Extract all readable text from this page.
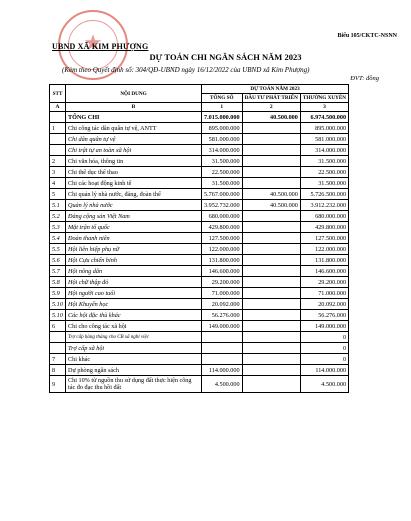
★
Biểu 105/CKTC-NSNN
UBND XÃ KIM PHƯỢNG
DỰ TOÁN CHI NGÂN SÁCH NĂM 2023
(Kèm theo Quyết định số: 304/QĐ-UBND ngày 16/12/2022 của UBND xã Kim Phượng)
ĐVT: đồng
STT	NỘI DUNG	DỰ TOÁN NĂM 2023		
		TỔNG SỐ	ĐẦU TƯ PHÁT TRIỂN	THƯỜNG XUYÊN
A	B	1	2	3
	TỔNG CHI	7.015.000.000	40.500.000	6.974.500.000
1	Chi công tác dân quân tự vệ, ANTT	895.000.000		895.000.000
	Chi dân quân tự vệ	581.000.000		581.000.000
	Chi trật tự an toàn xã hội	314.000.000		314.000.000
2	Chi văn hóa, thông tin	31.500.000		31.500.000
3	Chi thể dục thể thao	22.500.000		22.500.000
4	Chi các hoạt động kinh tế	31.500.000		31.500.000
5	Chi quản lý nhà nước, đảng, đoàn thể	5.767.000.000	40.500.000	5.726.500.000
5.1	Quản lý nhà nước	3.952.732.000	40.500.000	3.912.232.000
5.2	Đảng cộng sản Việt Nam	680.000.000		680.000.000
5.3	Mặt trận tổ quốc	429.800.000		429.800.000
5.4	Đoàn thanh niên	127.500.000		127.500.000
5.5	Hội liên hiệp phụ nữ	122.000.000		122.000.000
5.6	Hội Cựu chiến binh	131.800.000		131.800.000
5.7	Hội nông dân	146.600.000		146.600.000
5.8	Hội chữ thập đỏ	29.200.000		29.200.000
5.9	Hội người cao tuổi	71.000.000		71.000.000
5.10	Hội Khuyến học	20.092.000		20.092.000
5.10	Các hội đặc thù khác	56.276.000		56.276.000
6	Chi cho công tác xã hội	149.000.000		149.000.000
	Trợ cấp hàng tháng cho CB xã nghỉ việc			0
	Trợ cấp xã hội			0
7	Chi khác			0
8	Dự phòng ngân sách	114.000.000		114.000.000
9	Chi 10% từ nguồn thu sử dụng đất thực hiện công tác đo đạc thu hồi đất	4.500.000		4.500.000
